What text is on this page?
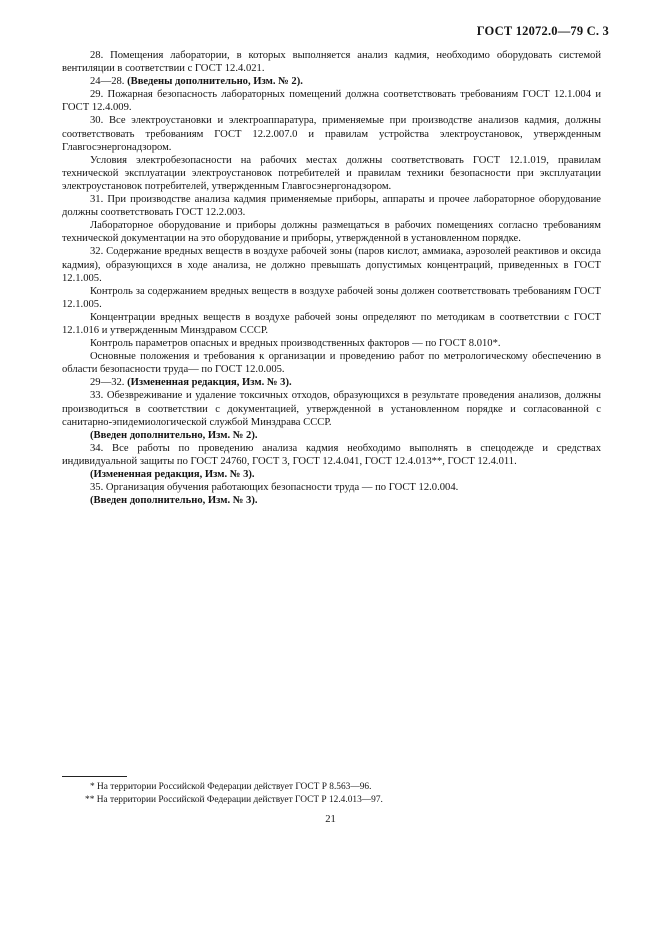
ГОСТ 12072.0—79 С. 3

28. Помещения лаборатории, в которых выполняется анализ кадмия, необходимо оборудовать системой вентиляции в соответствии с ГОСТ 12.4.021.

24—28. (Введены дополнительно, Изм. № 2).

29. Пожарная безопасность лабораторных помещений должна соответствовать требованиям ГОСТ 12.1.004 и ГОСТ 12.4.009.

30. Все электроустановки и электроаппаратура, применяемые при производстве анализов кадмия, должны соответствовать требованиям ГОСТ 12.2.007.0 и правилам устройства электроустановок, утвержденным Главгосэнергонадзором.

Условия электробезопасности на рабочих местах должны соответствовать ГОСТ 12.1.019, правилам технической эксплуатации электроустановок потребителей и правилам техники безопасности при эксплуатации электроустановок потребителей, утвержденным Главгосэнергонадзором.

31. При производстве анализа кадмия применяемые приборы, аппараты и прочее лабораторное оборудование должны соответствовать ГОСТ 12.2.003.

Лабораторное оборудование и приборы должны размещаться в рабочих помещениях согласно требованиям технической документации на это оборудование и приборы, утвержденной в установленном порядке.

32. Содержание вредных веществ в воздухе рабочей зоны (паров кислот, аммиака, аэрозолей реактивов и оксида кадмия), образующихся в ходе анализа, не должно превышать допустимых концентраций, приведенных в ГОСТ 12.1.005.

Контроль за содержанием вредных веществ в воздухе рабочей зоны должен соответствовать требованиям ГОСТ 12.1.005.

Концентрации вредных веществ в воздухе рабочей зоны определяют по методикам в соответствии с ГОСТ 12.1.016 и утвержденным Минздравом СССР.

Контроль параметров опасных и вредных производственных факторов — по ГОСТ 8.010*.

Основные положения и требования к организации и проведению работ по метрологическому обеспечению в области безопасности труда— по ГОСТ 12.0.005.

29—32. (Измененная редакция, Изм. № 3).

33. Обезвреживание и удаление токсичных отходов, образующихся в результате проведения анализов, должны производиться в соответствии с документацией, утвержденной в установленном порядке и согласованной с санитарно-эпидемиологической службой Минздрава СССР.

(Введен дополнительно, Изм. № 2).

34. Все работы по проведению анализа кадмия необходимо выполнять в спецодежде и средствах индивидуальной защиты по ГОСТ 24760, ГОСТ 3, ГОСТ 12.4.041, ГОСТ 12.4.013**, ГОСТ 12.4.011.

(Измененная редакция, Изм. № 3).

35. Организация обучения работающих безопасности труда — по ГОСТ 12.0.004.

(Введен дополнительно, Изм. № 3).

* На территории Российской Федерации действует ГОСТ Р 8.563—96.

** На территории Российской Федерации действует ГОСТ Р 12.4.013—97.

21
